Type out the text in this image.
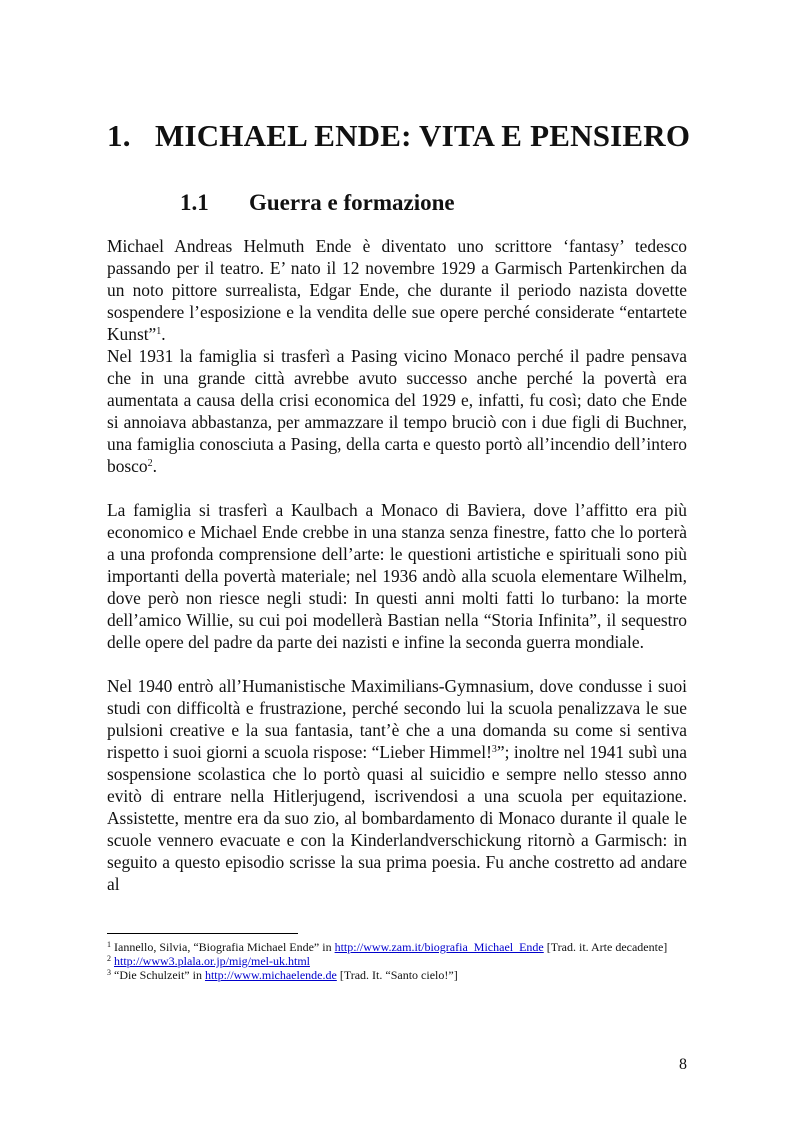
1. MICHAEL ENDE: VITA E PENSIERO
1.1 Guerra e formazione

Michael Andreas Helmuth Ende è diventato uno scrittore ‘fantasy’ tedesco passando per il teatro. E’ nato il 12 novembre 1929 a Garmisch Partenkirchen da un noto pittore surrealista, Edgar Ende, che durante il periodo nazista dovette sospendere l’esposizione e la vendita delle sue opere perché considerate “entartete Kunst”$^1$.

Nel 1931 la famiglia si trasferì a Pasing vicino Monaco perché il padre pensava che in una grande città avrebbe avuto successo anche perché la povertà era aumentata a causa della crisi economica del 1929 e, infatti, fu così; dato che Ende si annoiava abbastanza, per ammazzare il tempo bruciò con i due figli di Buchner, una famiglia conosciuta a Pasing, della carta e questo portò all’incendio dell’intero bosco$^2$.

La famiglia si trasferì a Kaulbach a Monaco di Baviera, dove l’affitto era più economico e Michael Ende crebbe in una stanza senza finestre, fatto che lo porterà a una profonda comprensione dell’arte: le questioni artistiche e spirituali sono più importanti della povertà materiale; nel 1936 andò alla scuola elementare Wilhelm, dove però non riesce negli studi: In questi anni molti fatti lo turbano: la morte dell’amico Willie, su cui poi modellerà Bastian nella “Storia Infinita”, il sequestro delle opere del padre da parte dei nazisti e infine la seconda guerra mondiale.

Nel 1940 entrò all’Humanistische Maximilians-Gymnasium, dove condusse i suoi studi con difficoltà e frustrazione, perché secondo lui la scuola penalizzava le sue pulsioni creative e la sua fantasia, tant’è che a una domanda su come si sentiva rispetto i suoi giorni a scuola rispose: “Lieber Himmel!$^3$”; inoltre nel 1941 subì una sospensione scolastica che lo portò quasi al suicidio e sempre nello stesso anno evitò di entrare nella Hitlerjugend, iscrivendosi a una scuola per equitazione. Assistette, mentre era da suo zio, al bombardamento di Monaco durante il quale le scuole vennero evacuate e con la Kinderlandverschickung ritornò a Garmisch: in seguito a questo episodio scrisse la sua prima poesia. Fu anche costretto ad andare al

$^1$ Iannello, Silvia, “Biografia Michael Ende” in http://www.zam.it/biografia_Michael_Ende [Trad. it. Arte decadente]
$^2$ http://www3.plala.or.jp/mig/mel-uk.html
$^3$ “Die Schulzeit” in http://www.michaelende.de [Trad. It. “Santo cielo!”]
8
